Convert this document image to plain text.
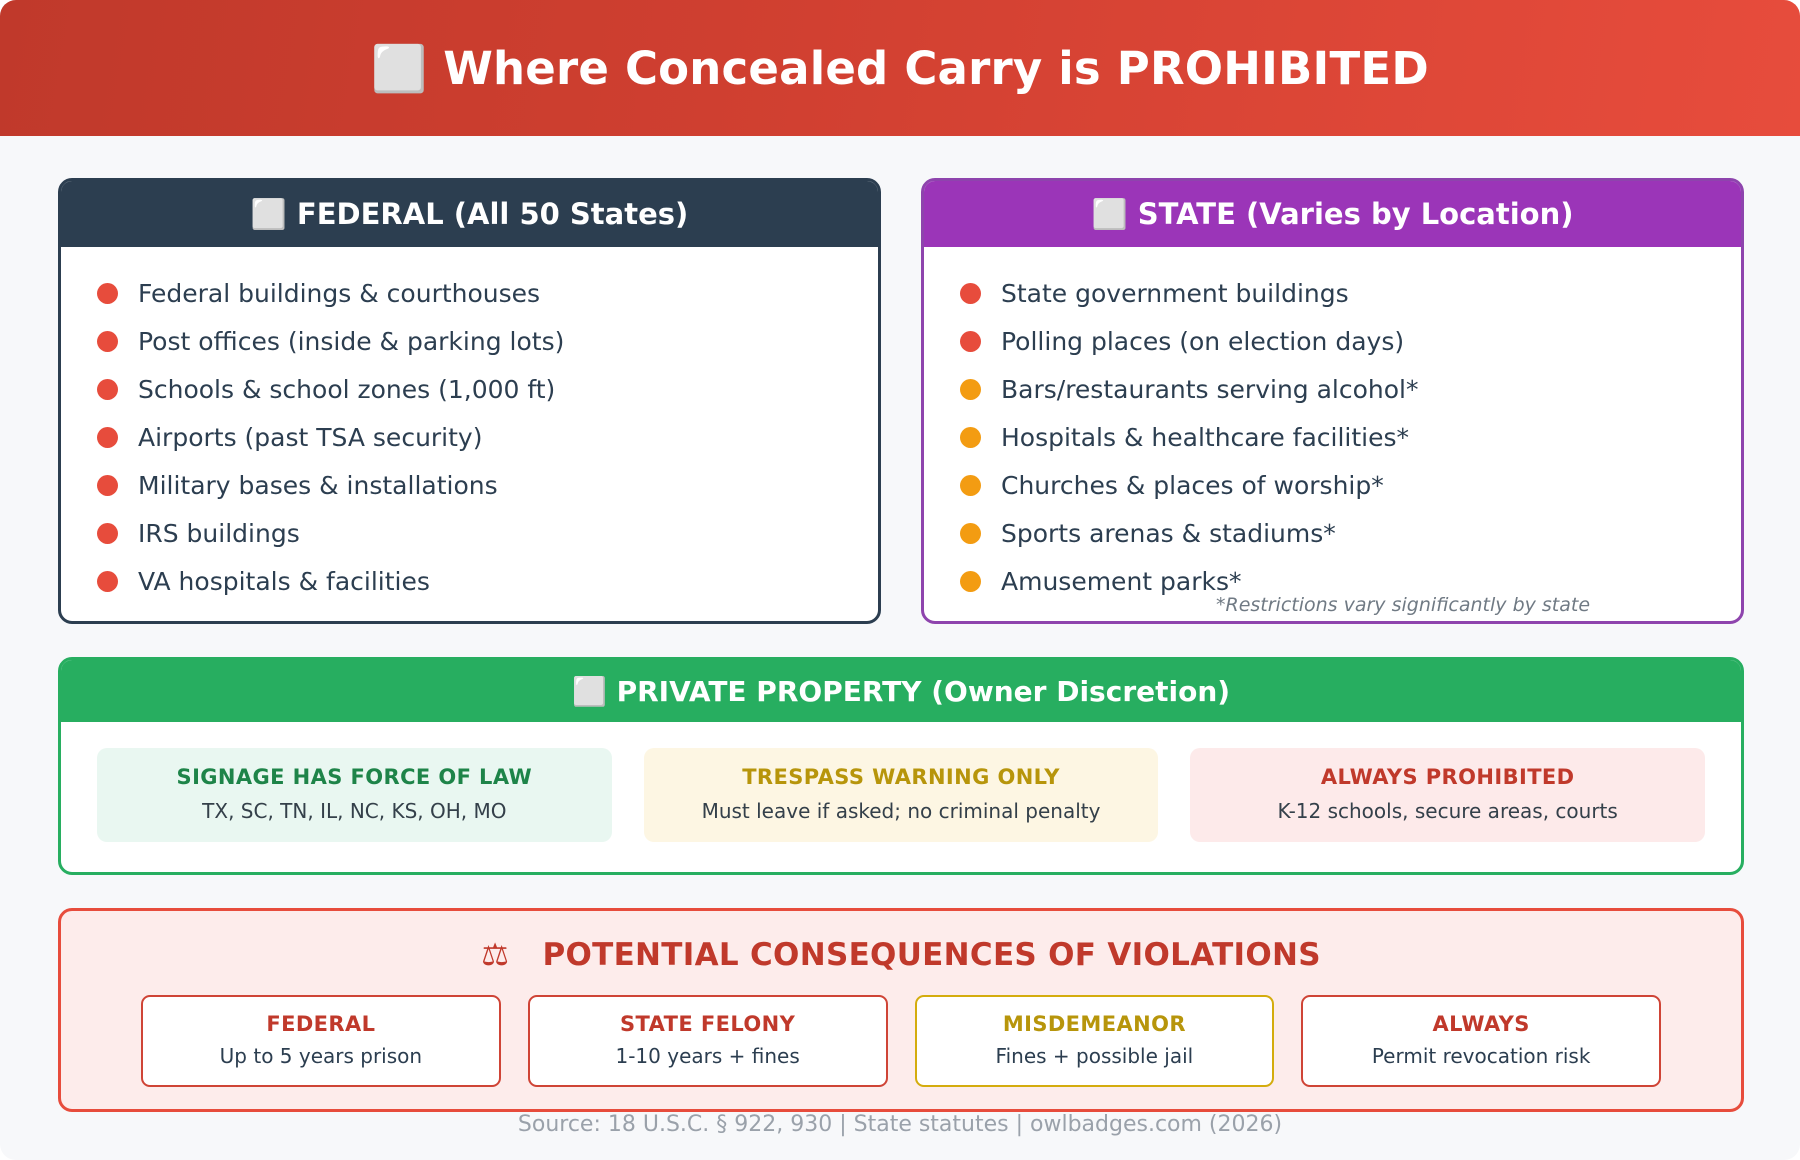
⬜ Where Concealed Carry is PROHIBITED
⬜
FEDERAL (All 50 States)
Federal buildings & courthouses
Post offices (inside & parking lots)
Schools & school zones (1,000 ft)
Airports (past TSA security)
Military bases & installations
IRS buildings
VA hospitals & facilities
⬜
STATE (Varies by Location)
State government buildings
Polling places (on election days)
Bars/restaurants serving alcohol*
Hospitals & healthcare facilities*
Churches & places of worship*
Sports arenas & stadiums*
Amusement parks*
*Restrictions vary significantly by state
⬜
PRIVATE PROPERTY (Owner Discretion)
SIGNAGE HAS FORCE OF LAW
TX, SC, TN, IL, NC, KS, OH, MO
TRESPASS WARNING ONLY
Must leave if asked; no criminal penalty
ALWAYS PROHIBITED
K-12 schools, secure areas, courts
⚖ POTENTIAL CONSEQUENCES OF VIOLATIONS
FEDERAL
Up to 5 years prison
STATE FELONY
1-10 years + fines
MISDEMEANOR
Fines + possible jail
ALWAYS
Permit revocation risk
Source: 18 U.S.C. § 922, 930 | State statutes | owlbadges.com (2026)
